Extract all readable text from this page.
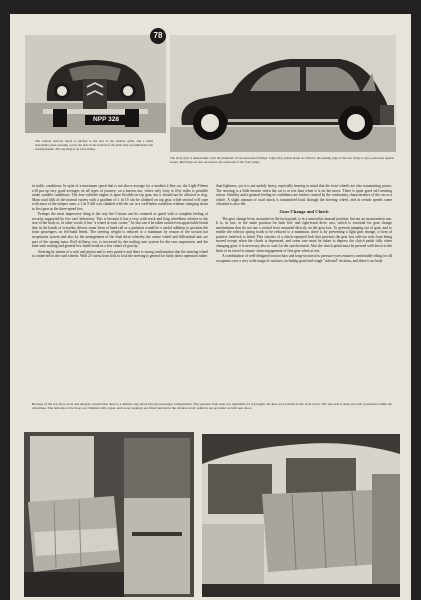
NPP 328
78

The Citroen chevron motif is stitched to the rear of the radiator grille, and a small detachable panel pressing covers the hole in the bottom of the grille that accommodates the starting handle. The big lamp is an extra fitting.

The body style is businesslike, with the minimum of external plated fittings. Light alloy splash plates are fitted to the leading edge of the rear wings to give protection against stones. Mud flaps are also attached to the underside of the front wings.

in traffic conditions. In spite of a maximum speed that is not above average for a modern 2-litre car, the Light Fifteen will put up very good averages on all types of journey; on a known run, where only forty to fifty miles is possible under suitable conditions. The four-cylinder engine is quite flexible on top gear, but it should not be allowed to slog. Main road hills of the normal variety with a gradient of 1 in 10 can be climbed on top gear, while second will cope with most of the steeper ones, a 1 in 5 hill was climbed with the car in a well-laden condition without changing down to first gear in the three-speed box.

Perhaps the most impressive thing is the way the Citroen can be cornered at speed with a complete feeling of security supported by few cars' behaviour. This is because it has a very wide track and long wheelbase relative to the size of the body or, in other words, it has "a wheel at each corner." So fast can it be taken round even appreciable bends that in the hands of everyday drivers some form of hand rail or a partition would be a useful addition to position the front passengers on left-hand bends. The steering weight is reduced to a minimum by reason of the torsion bar suspension system and also by the arrangement of the final drive whereby the centre wheel and differential unit are part of the sprung mass. Roll stiffness, too, is increased by the trailing arm system for the rear suspension, and the inter-axle seating and general low build result in a low centre of gravity.

Steering by means of a rack and pinion unit is very positive and there is strong confirmation that the steering wheel is connected to the road wheels. With 2½ turns from lock to lock the steering is geared for fairly direct operation rather

than lightness, yet it is not unduly heavy, especially bearing in mind that the front wheels are also transmitting power. The steering is a little heavier when the car is at rest than when it is on the move. There is quite good self-centring action. Stability and a general feeling of confidence are further created by the conformity characteristics of the car as a whole. A slight amount of road shock is transmitted back through the steering wheel, and at certain speeds some vibration is also felt.

Gear Change and Clutch

The gear change lever, mounted on the facia panel, is in a somewhat unusual position, but not an inconvenient one. It is, in fact, in the same position for both left- and right-hand drive cars, which is essential for gear change mechanisms that do not use a central lever mounted directly on the gear box. To prevent jumping out of gear, and to enable the selector spring loads to be reduced to a minimum, there is by preventing a light gear change, a form of positive interlock is fitted. This consists of a clutch-operated lock that prevents the gear box selector rods from being moved except when the clutch is depressed, and some care must be taken to depress the clutch pedal fully when changing gear; it is necessary also to wait for the synchromesh. Also the clutch pedal must be pressed well down to the limit of its travel to ensure clean engagement of first gear when at rest.

A combination of well-designed torsion bars and long-section low pressure tyres ensures comfortable riding for all occupants over a very wide range of surfaces, including good and rough "colonial" sections, and there is no body

Because of the low floor level and integral construction there is a definite step down into the passenger compartment. The separate front seats are adjustable for leg length. Pockets are provided in the front doors. The rear seat is deep and well positioned within the wheelbase. The bottoms of the doors are trimmed with carpet, and wood cappings are fitted just below the window level; ashtrays are provided on both rear doors.
